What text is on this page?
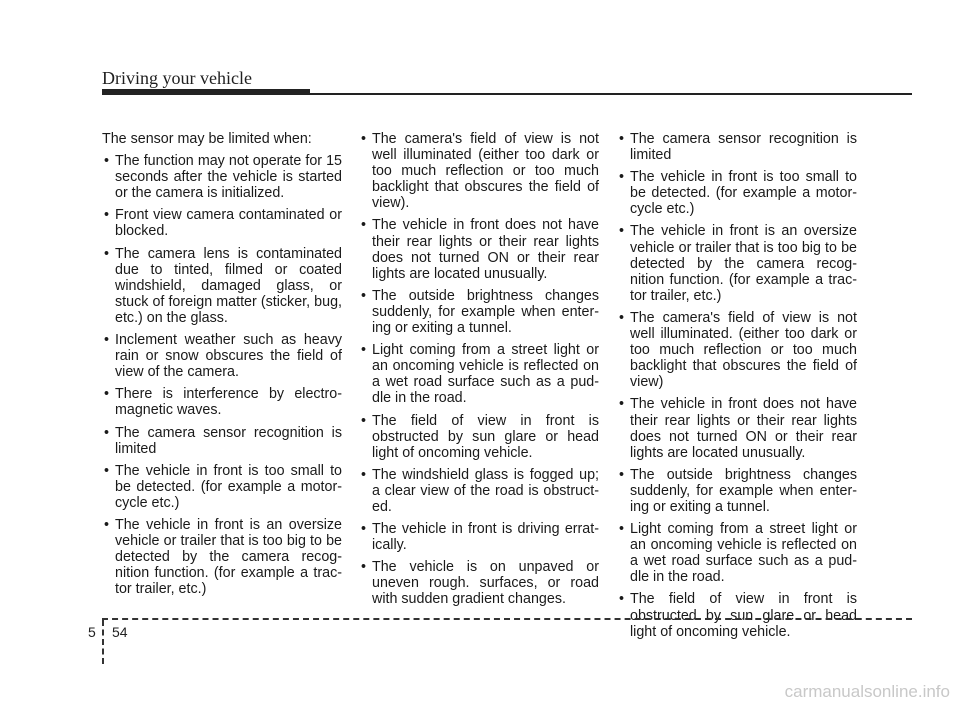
Driving your vehicle

The sensor may be limited when:

• The function may not operate for 15 seconds after the vehicle is started or the camera is initialized.
• Front view camera contaminated or blocked.
• The camera lens is contaminated due to tinted, filmed or coated windshield, damaged glass, or stuck of foreign matter (sticker, bug, etc.) on the glass.
• Inclement weather such as heavy rain or snow obscures the field of view of the camera.
• There is interference by electro-magnetic waves.
• The camera sensor recognition is limited
• The vehicle in front is too small to be detected. (for example a motor-cycle etc.)
• The vehicle in front is an oversize vehicle or trailer that is too big to be detected by the camera recog-nition function. (for example a trac-tor trailer, etc.)
• The camera's field of view is not well illuminated (either too dark or too much reflection or too much backlight that obscures the field of view).
• The vehicle in front does not have their rear lights or their rear lights does not turned ON or their rear lights are located unusually.
• The outside brightness changes suddenly, for example when enter-ing or exiting a tunnel.
• Light coming from a street light or an oncoming vehicle is reflected on a wet road surface such as a pud-dle in the road.
• The field of view in front is obstructed by sun glare or head light of oncoming vehicle.
• The windshield glass is fogged up; a clear view of the road is obstruct-ed.
• The vehicle in front is driving errat-ically.
• The vehicle is on unpaved or uneven rough. surfaces, or road with sudden gradient changes.
• The camera sensor recognition is limited
• The vehicle in front is too small to be detected. (for example a motor-cycle etc.)
• The vehicle in front is an oversize vehicle or trailer that is too big to be detected by the camera recog-nition function. (for example a trac-tor trailer, etc.)
• The camera's field of view is not well illuminated. (either too dark or too much reflection or too much backlight that obscures the field of view)
• The vehicle in front does not have their rear lights or their rear lights does not turned ON or their rear lights are located unusually.
• The outside brightness changes suddenly, for example when enter-ing or exiting a tunnel.
• Light coming from a street light or an oncoming vehicle is reflected on a wet road surface such as a pud-dle in the road.
• The field of view in front is obstructed by sun glare or head light of oncoming vehicle.
5 54
carmanualsonline.info
